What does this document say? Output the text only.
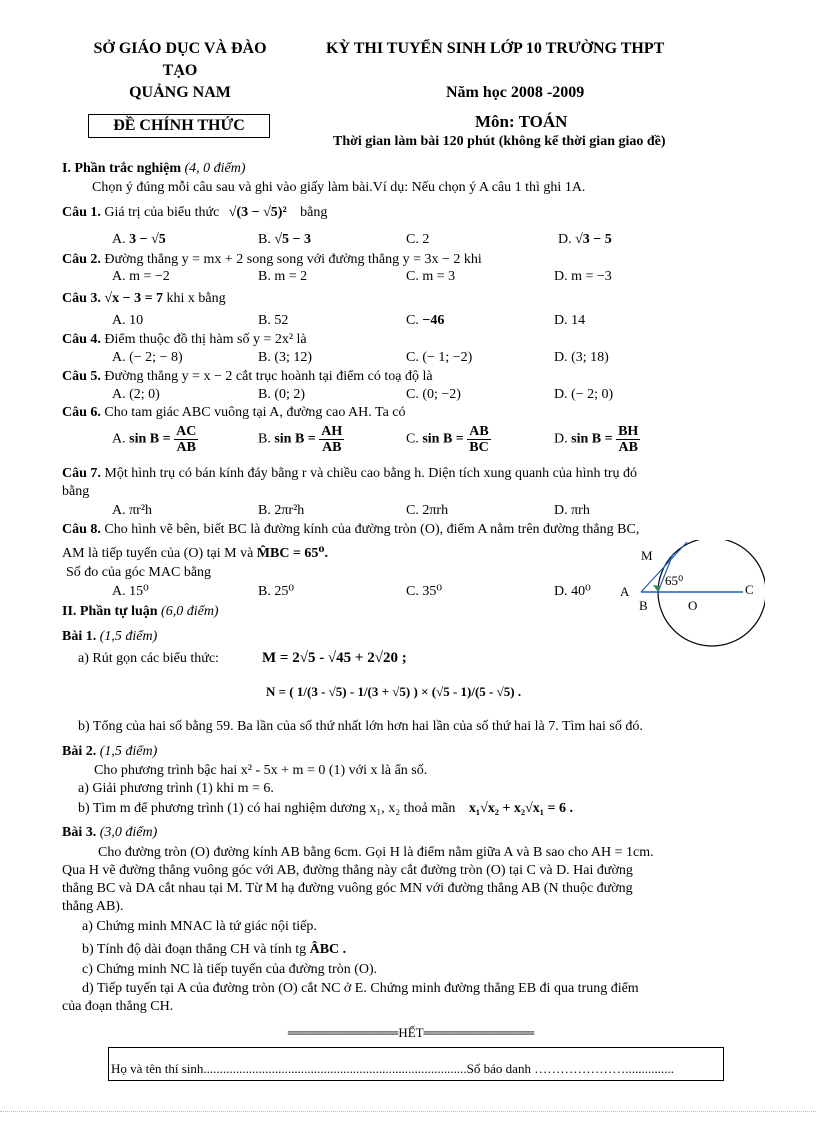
SỞ GIÁO DỤC VÀ ĐÀO
TẠO
QUẢNG NAM
ĐỀ CHÍNH THỨC
KỲ THI TUYỂN SINH LỚP 10 TRƯỜNG THPT
Năm học 2008 -2009
Môn: TOÁN
Thời gian làm bài 120 phút (không kể thời gian giao đề)
I. Phần trắc nghiệm (4, 0 điểm)
Chọn ý đúng mỗi câu sau và ghi vào giấy làm bài.Ví dụ: Nếu chọn ý A câu 1 thì ghi 1A.
Câu 1. Giá trị của biểu thức √(3 − √5)² bằng
A. 3 − √5	B. √5 − 3	C. 2	D. √3 − 5
Câu 2. Đường thẳng y = mx + 2 song song với đường thẳng y = 3x − 2 khi
A. m = −2	B. m = 2	C. m = 3	D. m = −3
Câu 3. √x − 3 = 7 khi x bằng
A. 10	B. 52	C. −46	D. 14
Câu 4. Điểm thuộc đồ thị hàm số y = 2x² là
A. (− 2; − 8)	B. (3; 12)	C. (− 1; −2)	D. (3; 18)
Câu 5. Đường thẳng y = x − 2 cắt trục hoành tại điểm có toạ độ là
A. (2; 0)	B. (0; 2)	C. (0; −2)	D. (− 2; 0)
Câu 6. Cho tam giác ABC vuông tại A, đường cao AH. Ta có
A. $\sin B = \frac{AC}{AB}$	B. $\sin B = \frac{AH}{AB}$	C. $\sin B = \frac{AB}{BC}$	D. $\sin B = \frac{BH}{AB}$
Câu 7. Một hình trụ có bán kính đáy bằng r và chiều cao bằng h. Diện tích xung quanh của hình trụ đó
bằng
A. πr²h	B. 2πr²h	C. 2πrh	D. πrh
Câu 8. Cho hình vẽ bên, biết BC là đường kính của đường tròn (O), điểm A nằm trên đường thẳng BC,
AM là tiếp tuyến của (O) tại M và M̂BC = 65⁰.
Số đo của góc MAC bằng
A. 15⁰	B. 25⁰	C. 35⁰	D. 40⁰
M
A
B
C
O
65⁰
II. Phần tự luận (6,0 điểm)
Bài 1. (1,5 điểm)
a) Rút gọn các biểu thức:	M = 2√5 - √45 + 2√20 ;
N = ( 1/(3 - √5) - 1/(3 + √5) ) × (√5 - 1)/(5 - √5) .
b) Tổng của hai số bằng 59. Ba lần của số thứ nhất lớn hơn hai lần của số thứ hai là 7. Tìm hai số đó.
Bài 2. (1,5 điểm)
Cho phương trình bậc hai x² - 5x + m = 0 (1) với x là ẩn số.
a) Giải phương trình (1) khi m = 6.
b) Tìm m để phương trình (1) có hai nghiệm dương x₁, x₂ thoả mãn x₁√x₂ + x₂√x₁ = 6 .
Bài 3. (3,0 điểm)
Cho đường tròn (O) đường kính AB bằng 6cm. Gọi H là điểm nằm giữa A và B sao cho AH = 1cm.
Qua H vẽ đường thẳng vuông góc với AB, đường thẳng này cắt đường tròn (O) tại C và D. Hai đường
thẳng BC và DA cắt nhau tại M. Từ M hạ đường vuông góc MN với đường thẳng AB (N thuộc đường
thẳng AB).
a) Chứng minh MNAC là tứ giác nội tiếp.
b) Tính độ dài đoạn thẳng CH và tính tg ÂBC .
c) Chứng minh NC là tiếp tuyến của đường tròn (O).
d) Tiếp tuyến tại A của đường tròn (O) cắt NC ở E. Chứng minh đường thẳng EB đi qua trung điểm
của đoạn thẳng CH.
════════════HẾT════════════
Họ và tên thí sinh.................................................................................Số báo danh …………………...............
